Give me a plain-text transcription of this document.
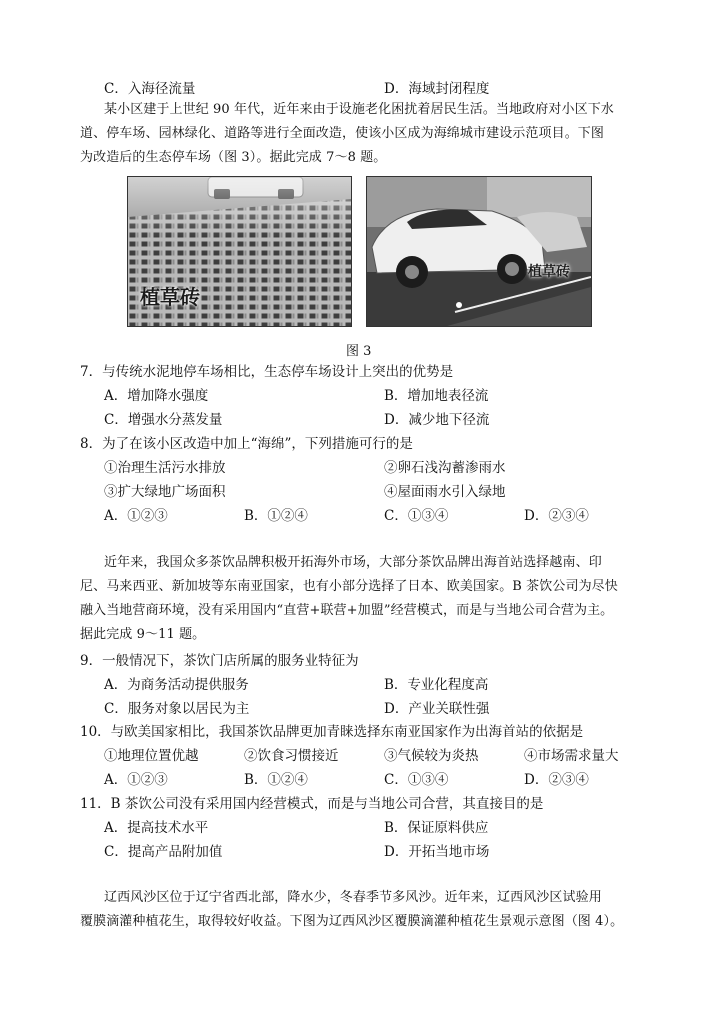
C．入海径流量	D．海域封闭程度
某小区建于上世纪 90 年代，近年来由于设施老化困扰着居民生活。当地政府对小区下水
道、停车场、园林绿化、道路等进行全面改造，使该小区成为海绵城市建设示范项目。下图
为改造后的生态停车场（图 3）。据此完成 7～8 题。
植草砖
植草砖
图 3
7．与传统水泥地停车场相比，生态停车场设计上突出的优势是
A．增加降水强度	B．增加地表径流
C．增强水分蒸发量	D．减少地下径流
8．为了在该小区改造中加上“海绵”，下列措施可行的是
①治理生活污水排放	②卵石浅沟蓄渗雨水
③扩大绿地广场面积	④屋面雨水引入绿地
A．①②③	B．①②④	C．①③④	D．②③④
近年来，我国众多茶饮品牌积极开拓海外市场，大部分茶饮品牌出海首站选择越南、印
尼、马来西亚、新加坡等东南亚国家，也有小部分选择了日本、欧美国家。B 茶饮公司为尽快
融入当地营商环境，没有采用国内“直营+联营+加盟”经营模式，而是与当地公司合营为主。
据此完成 9～11 题。
9．一般情况下，茶饮门店所属的服务业特征为
A．为商务活动提供服务	B．专业化程度高
C．服务对象以居民为主	D．产业关联性强
10．与欧美国家相比，我国茶饮品牌更加青睐选择东南亚国家作为出海首站的依据是
①地理位置优越	②饮食习惯接近	③气候较为炎热	④市场需求量大
A．①②③	B．①②④	C．①③④	D．②③④
11．B 茶饮公司没有采用国内经营模式，而是与当地公司合营，其直接目的是
A．提高技术水平	B．保证原料供应
C．提高产品附加值	D．开拓当地市场
辽西风沙区位于辽宁省西北部，降水少，冬春季节多风沙。近年来，辽西风沙区试验用
覆膜滴灌种植花生，取得较好收益。下图为辽西风沙区覆膜滴灌种植花生景观示意图（图 4）。
